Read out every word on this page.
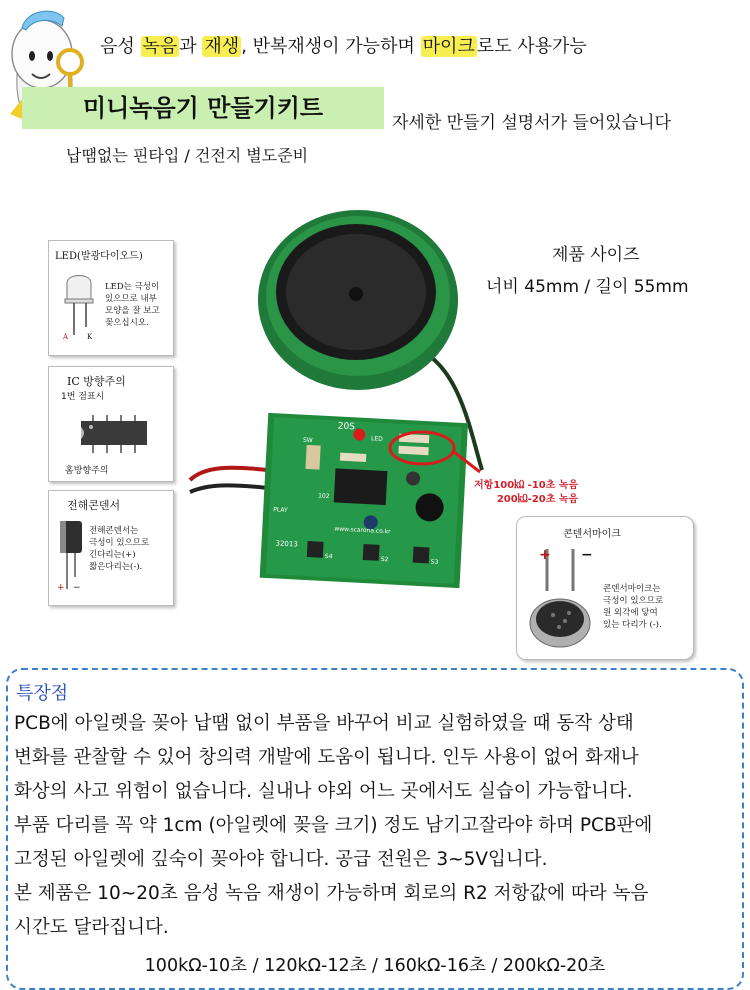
음성 녹음 과 재생 , 반복재생이 가능하며 마이크 로도 사용가능
미니녹음기 만들기키트
자세한 만들기 설명서가 들어있습니다
납땜없는 핀타입 / 건전지 별도준비
제품 사이즈
너비 45mm / 길이 55mm
20S
LED
SW
102
PLAY
S4	S2	S3
32013
www.scarona.co.kr
저항100㏀ -10초 녹음
200㏀-20초 녹음
LED(발광다이오드)
A	K
LED는 극성이
있으므로 내부
모양을 잘 보고
꽂으십시오.
IC 방향주의
1번 점표시
홈방향주의
전해콘덴서
+ −
전해콘덴서는
극성이 있으므로
긴다리는(+)
짧은다리는(-).
콘덴서마이크
+ −
콘덴서마이크는
극성이 있으므로
원 외각에 닿여
있는 다리가 (-).
특장점
PCB에 아일렛을 꽂아 납땜 없이 부품을 바꾸어 비교 실험하였을 때 동작 상태
변화를 관찰할 수 있어 창의력 개발에 도움이 됩니다. 인두 사용이 없어 화재나
화상의 사고 위험이 없습니다. 실내나 야외 어느 곳에서도 실습이 가능합니다.
부품 다리를 꼭 약 1cm (아일렛에 꽂을 크기) 정도 남기고잘라야 하며 PCB판에
고정된 아일렛에 깊숙이 꽂아야 합니다. 공급 전원은 3~5V입니다.
본 제품은 10~20초 음성 녹음 재생이 가능하며 회로의 R2 저항값에 따라 녹음
시간도 달라집니다.
100kΩ-10초 / 120kΩ-12초 / 160kΩ-16초 / 200kΩ-20초
